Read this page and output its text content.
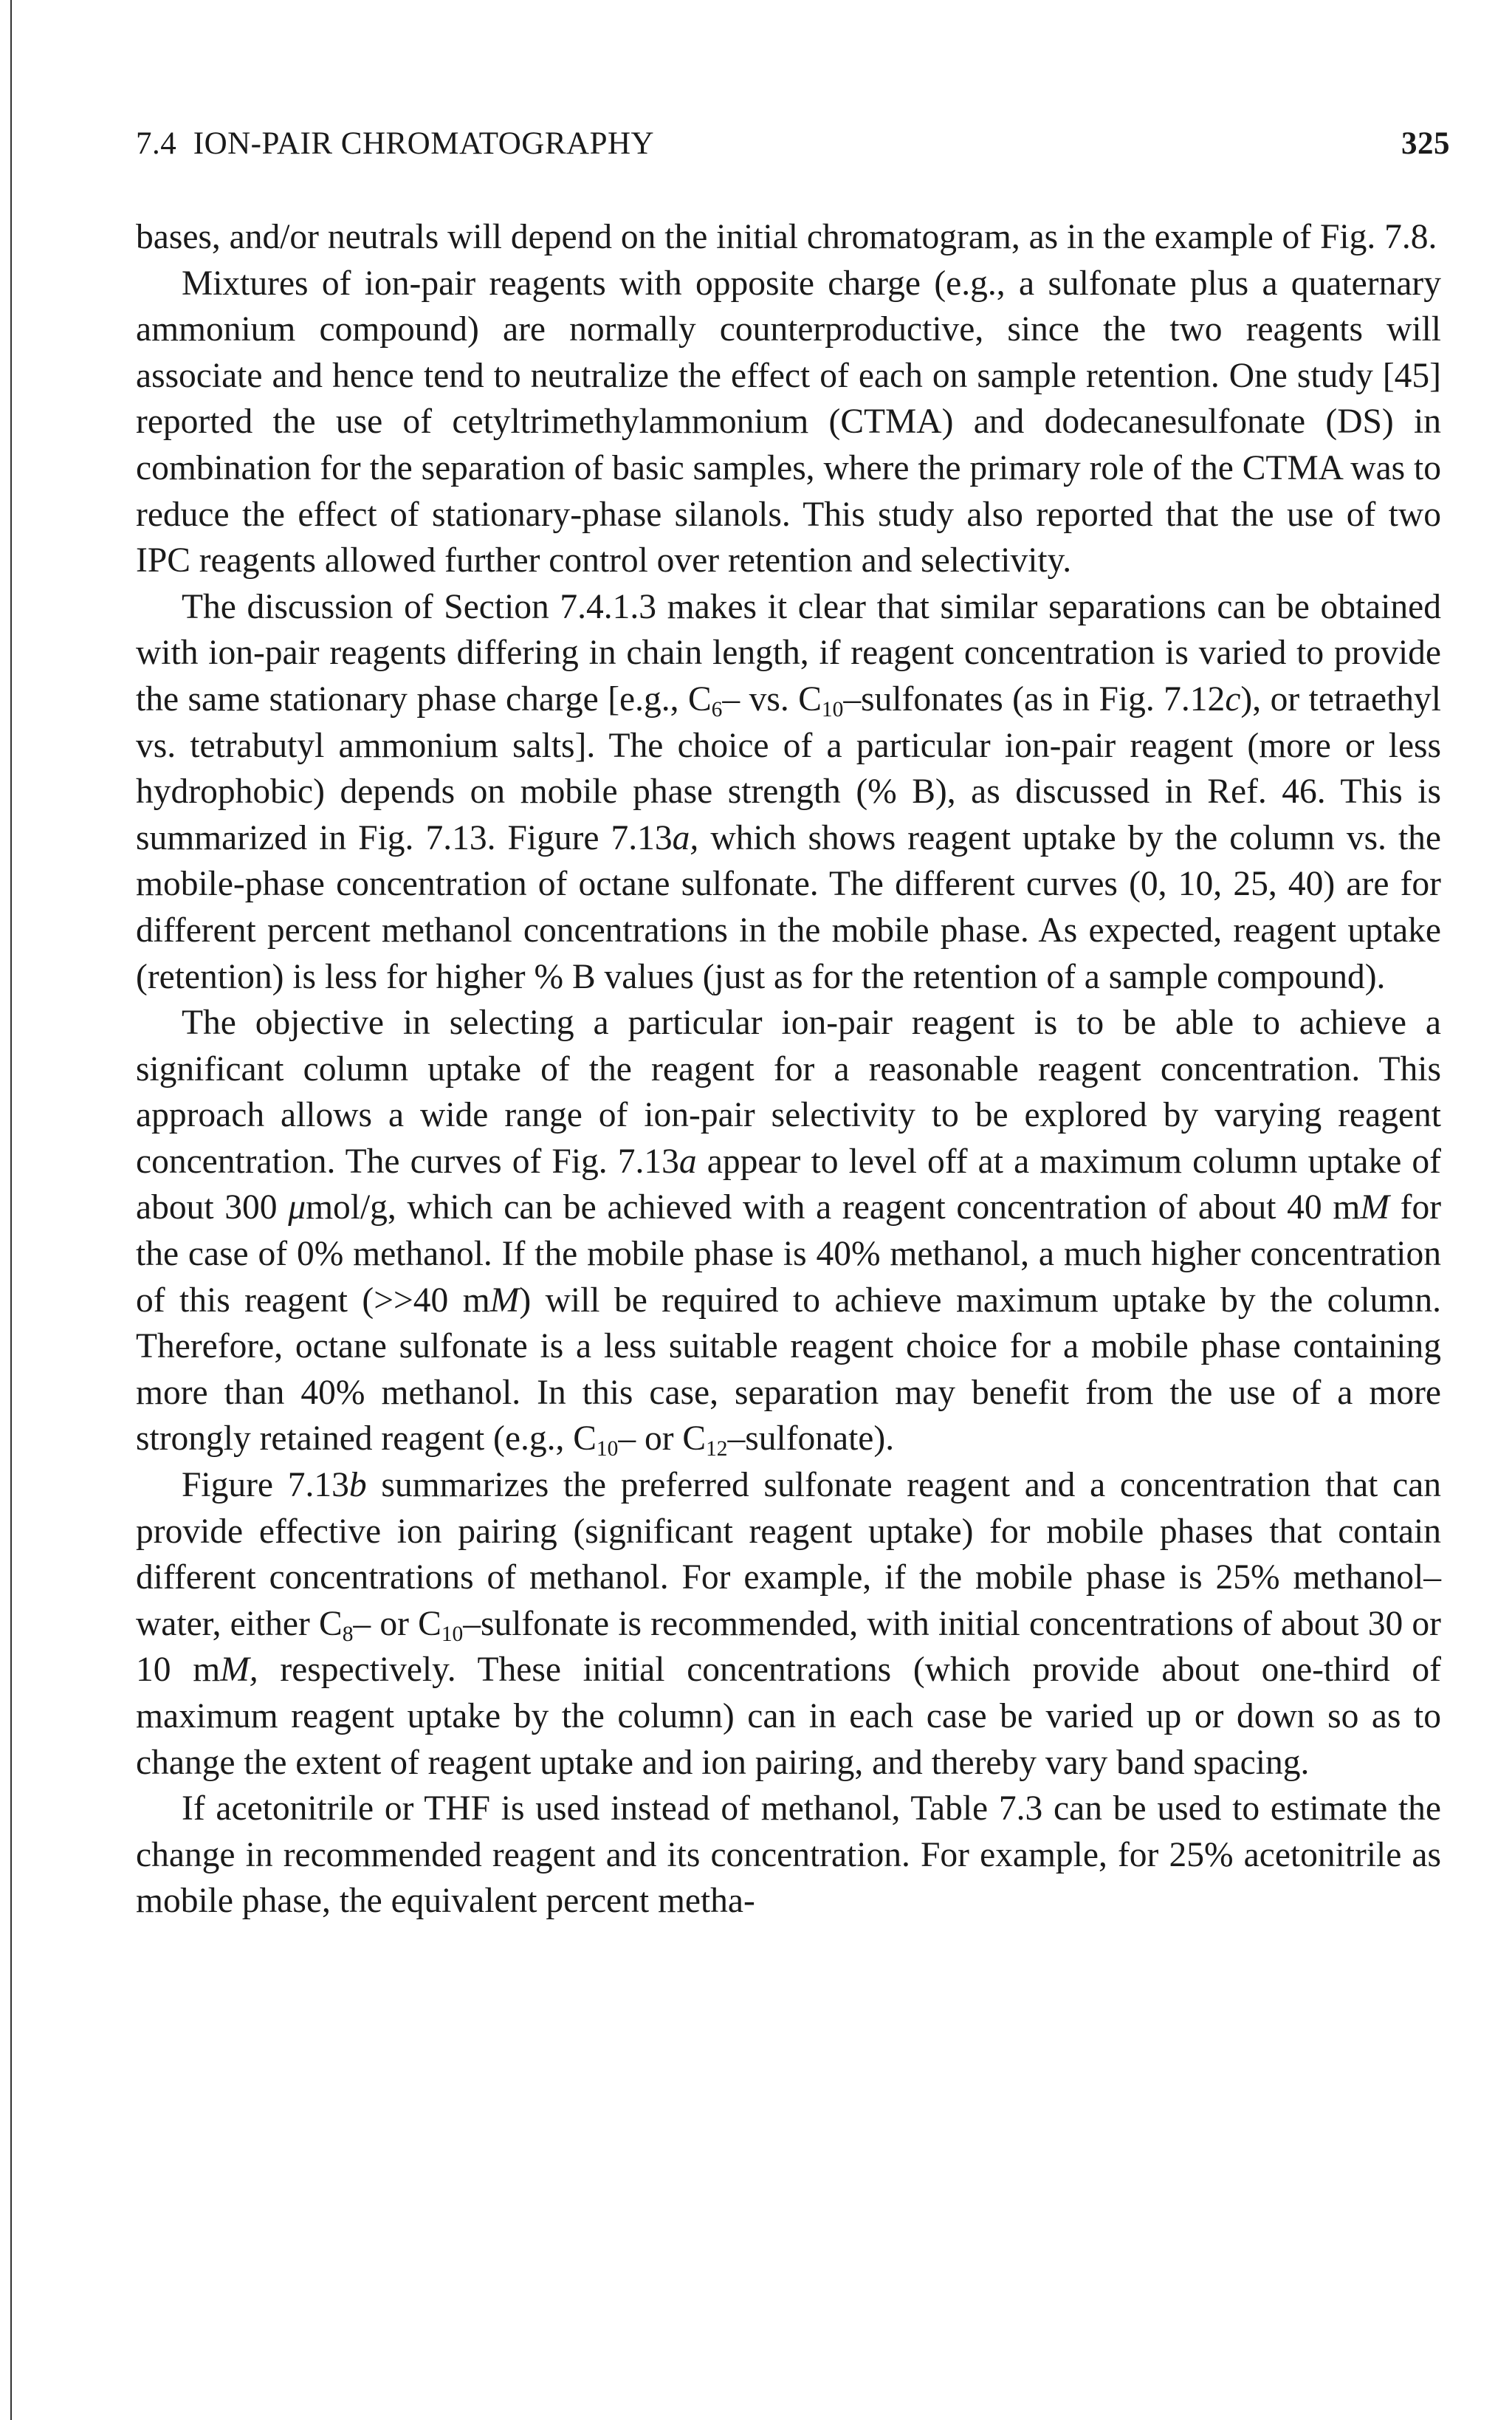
7.4 ION-PAIR CHROMATOGRAPHY	325

bases, and/or neutrals will depend on the initial chromatogram, as in the example of Fig. 7.8.

Mixtures of ion-pair reagents with opposite charge (e.g., a sulfonate plus a quaternary ammonium compound) are normally counterproductive, since the two reagents will associate and hence tend to neutralize the effect of each on sample retention. One study [45] reported the use of cetyltrimethylammonium (CTMA) and dodecanesulfonate (DS) in combination for the separation of basic samples, where the primary role of the CTMA was to reduce the effect of stationary-phase silanols. This study also reported that the use of two IPC reagents allowed further control over retention and selectivity.

The discussion of Section 7.4.1.3 makes it clear that similar separations can be obtained with ion-pair reagents differing in chain length, if reagent concentration is varied to provide the same stationary phase charge [e.g., $C_6-$ vs. $C_{10}$–sulfonates (as in Fig. 7.12c), or tetraethyl vs. tetrabutyl ammonium salts]. The choice of a particular ion-pair reagent (more or less hydrophobic) depends on mobile phase strength (% B), as discussed in Ref. 46. This is summarized in Fig. 7.13. Figure 7.13a, which shows reagent uptake by the column vs. the mobile-phase concentration of octane sulfonate. The different curves (0, 10, 25, 40) are for different percent methanol concentrations in the mobile phase. As expected, reagent uptake (retention) is less for higher % B values (just as for the retention of a sample compound).

The objective in selecting a particular ion-pair reagent is to be able to achieve a significant column uptake of the reagent for a reasonable reagent concentration. This approach allows a wide range of ion-pair selectivity to be explored by varying reagent concentration. The curves of Fig. 7.13a appear to level off at a maximum column uptake of about 300 μmol/g, which can be achieved with a reagent concentration of about 40 mM for the case of 0% methanol. If the mobile phase is 40% methanol, a much higher concentration of this reagent (>>40 mM) will be required to achieve maximum uptake by the column. Therefore, octane sulfonate is a less suitable reagent choice for a mobile phase containing more than 40% methanol. In this case, separation may benefit from the use of a more strongly retained reagent (e.g., $C_{10}-$ or $C_{12}-sulfonate$).

Figure 7.13b summarizes the preferred sulfonate reagent and a concentration that can provide effective ion pairing (significant reagent uptake) for mobile phases that contain different concentrations of methanol. For example, if the mobile phase is 25% methanol–water, either $C_8-$ or $C_{10}$–sulfonate is recommended, with initial concentrations of about 30 or 10 mM, respectively. These initial concentrations (which provide about one-third of maximum reagent uptake by the column) can in each case be varied up or down so as to change the extent of reagent uptake and ion pairing, and thereby vary band spacing.

If acetonitrile or THF is used instead of methanol, Table 7.3 can be used to estimate the change in recommended reagent and its concentration. For example, for 25% acetonitrile as mobile phase, the equivalent percent metha-
